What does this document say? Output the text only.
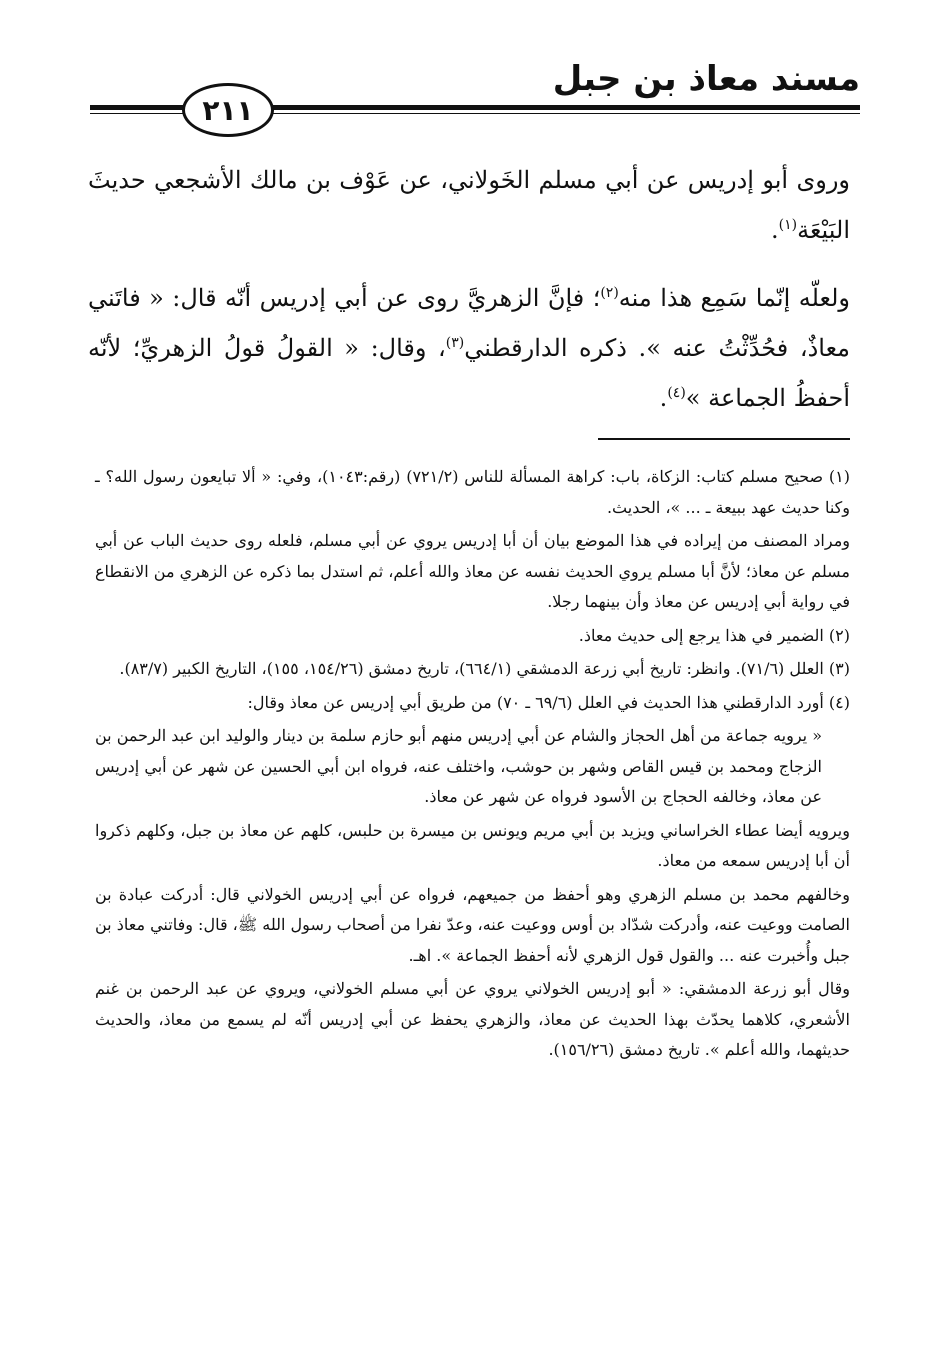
مسند معاذ بن جبل
٢١١

وروى أبو إدريس عن أبي مسلم الخَولاني، عن عَوْف بن مالك الأشجعي حديثَ البَيْعَة$^{(١)}$.

ولعلّه إنّما سَمِع هذا منه$^{(٢)}$؛ فإنَّ الزهريَّ روى عن أبي إدريس أنّه قال: « فاتَني معاذٌ، فحُدِّثْتُ عنه ». ذكره الدارقطني$^{(٣)}$، وقال: « القولُ قولُ الزهريِّ؛ لأنّه أحفظُ الجماعة »$^{(٤)}$.

(١) صحيح مسلم كتاب: الزكاة، باب: كراهة المسألة للناس (٧٢١/٢) (رقم:١٠٤٣)، وفي: « ألا تبايعون رسول الله؟ ـ وكنا حديث عهد ببيعة ـ ... »، الحديث.

ومراد المصنف من إيراده في هذا الموضع بيان أن أبا إدريس يروي عن أبي مسلم، فلعله روى حديث الباب عن أبي مسلم عن معاذ؛ لأنَّ أبا مسلم يروي الحديث نفسه عن معاذ والله أعلم، ثم استدل بما ذكره عن الزهري من الانقطاع في رواية أبي إدريس عن معاذ وأن بينهما رجلا.

(٢) الضمير في هذا يرجع إلى حديث معاذ.

(٣) العلل (٧١/٦). وانظر: تاريخ أبي زرعة الدمشقي (٦٦٤/١)، تاريخ دمشق (١٥٤/٢٦، ١٥٥)، التاريخ الكبير (٨٣/٧).

(٤) أورد الدارقطني هذا الحديث في العلل (٦٩/٦ ـ ٧٠) من طريق أبي إدريس عن معاذ وقال:

« يرويه جماعة من أهل الحجاز والشام عن أبي إدريس منهم أبو حازم سلمة بن دينار والوليد ابن عبد الرحمن بن الزجاج ومحمد بن قيس القاص وشهر بن حوشب، واختلف عنه، فرواه ابن أبي الحسين عن شهر عن أبي إدريس عن معاذ، وخالفه الحجاج بن الأسود فرواه عن شهر عن معاذ.

ويرويه أيضا عطاء الخراساني ويزيد بن أبي مريم ويونس بن ميسرة بن حلبس، كلهم عن معاذ بن جبل، وكلهم ذكروا أن أبا إدريس سمعه من معاذ.

وخالفهم محمد بن مسلم الزهري وهو أحفظ من جميعهم، فرواه عن أبي إدريس الخولاني قال: أدركت عبادة بن الصامت ووعيت عنه، وأدركت شدّاد بن أوس ووعيت عنه، وعدّ نفرا من أصحاب رسول الله ﷺ، قال: وفاتني معاذ بن جبل وأُخبرت عنه ... والقول قول الزهري لأنه أحفظ الجماعة ». اهـ.

وقال أبو زرعة الدمشقي: « أبو إدريس الخولاني يروي عن أبي مسلم الخولاني، ويروي عن عبد الرحمن بن غنم الأشعري، كلاهما يحدّث بهذا الحديث عن معاذ، والزهري يحفظ عن أبي إدريس أنّه لم يسمع من معاذ، والحديث حديثهما، والله أعلم ». تاريخ دمشق (١٥٦/٢٦).
